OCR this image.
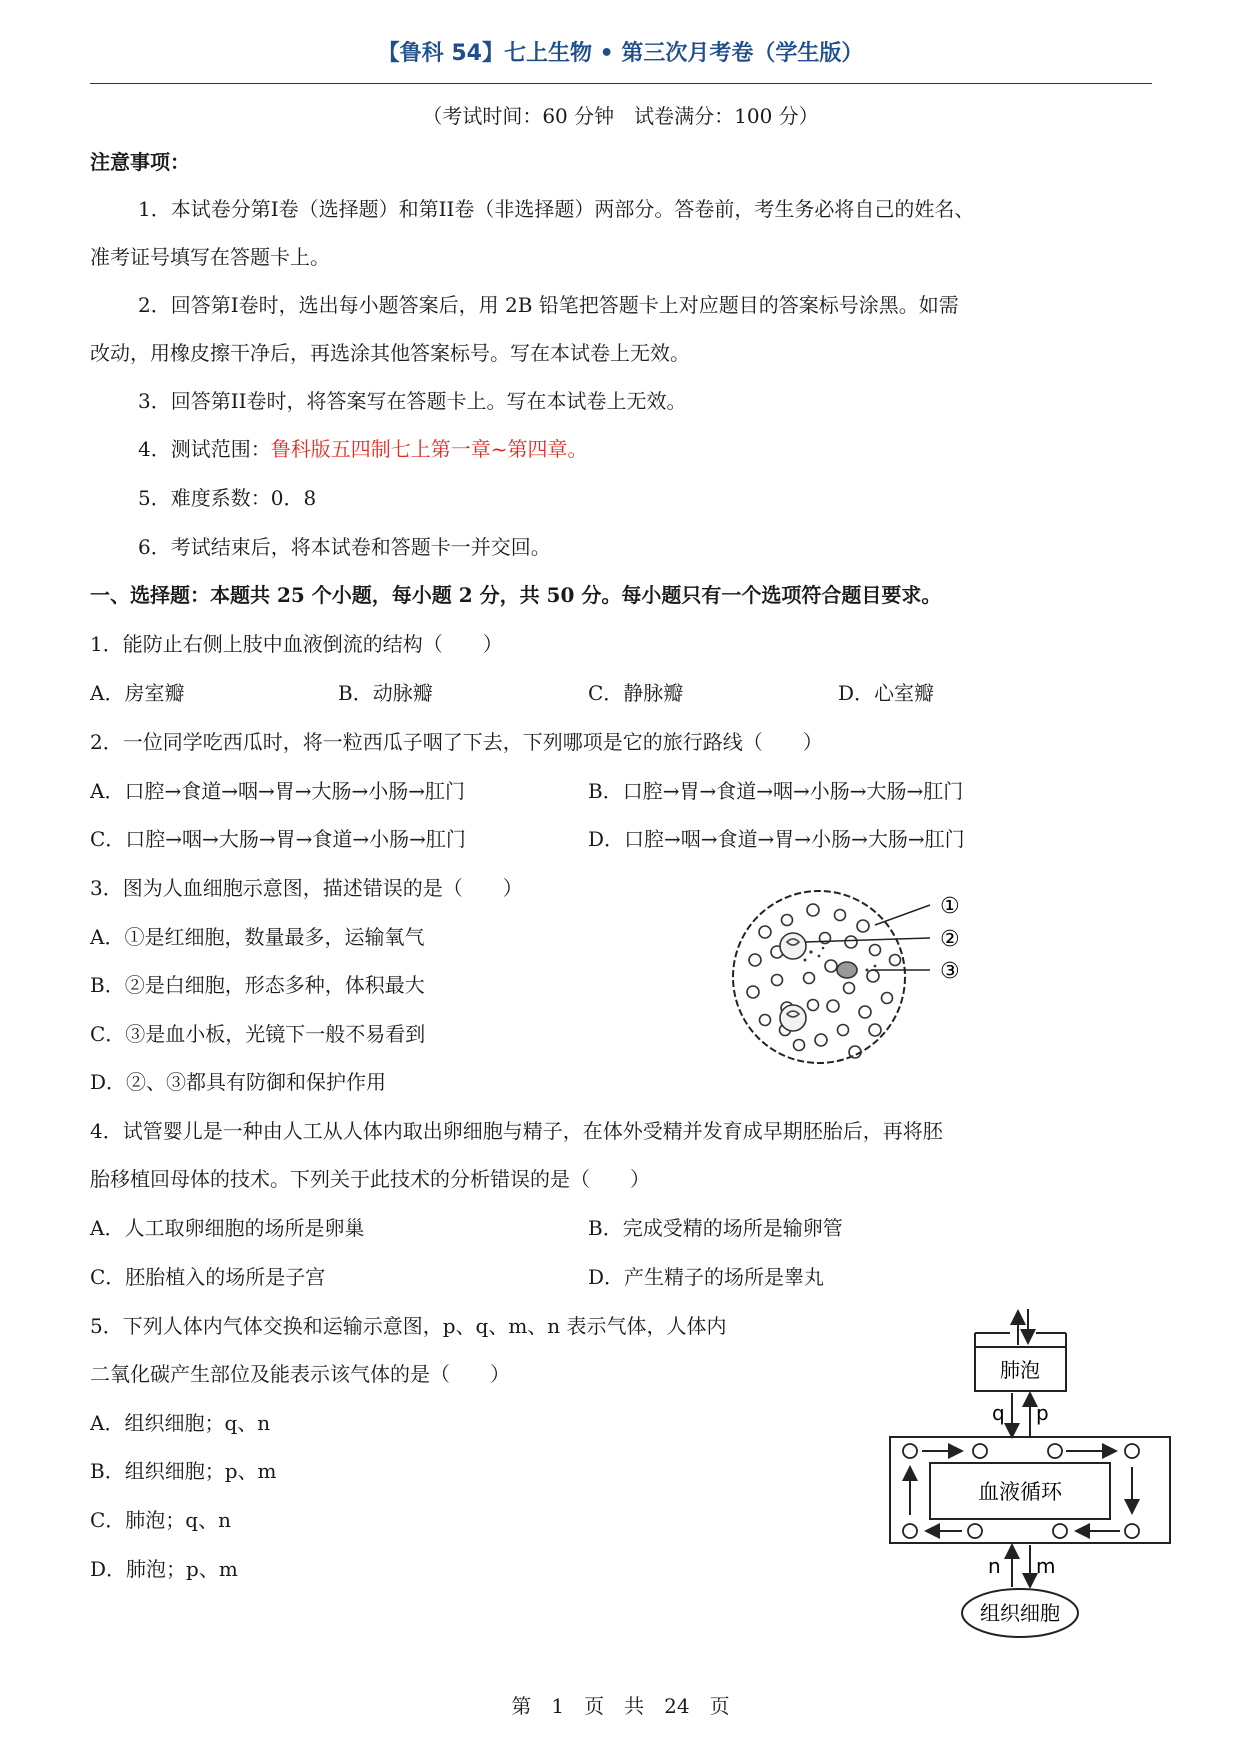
【鲁科 54】七上生物 • 第三次月考卷（学生版）
（考试时间：60 分钟　试卷满分：100 分）
注意事项：
1．本试卷分第I卷（选择题）和第II卷（非选择题）两部分。答卷前，考生务必将自己的姓名、
准考证号填写在答题卡上。
2．回答第I卷时，选出每小题答案后，用 2B 铅笔把答题卡上对应题目的答案标号涂黑。如需
改动，用橡皮擦干净后，再选涂其他答案标号。写在本试卷上无效。
3．回答第II卷时，将答案写在答题卡上。写在本试卷上无效。
4．测试范围：鲁科版五四制七上第一章~第四章。
5．难度系数：0．8
6．考试结束后，将本试卷和答题卡一并交回。
一、选择题：本题共 25 个小题，每小题 2 分，共 50 分。每小题只有一个选项符合题目要求。
1．能防止右侧上肢中血液倒流的结构（　　）
A．房室瓣	B．动脉瓣	C．静脉瓣	D．心室瓣
2．一位同学吃西瓜时，将一粒西瓜子咽了下去，下列哪项是它的旅行路线（　　）
A．口腔→食道→咽→胃→大肠→小肠→肛门	B．口腔→胃→食道→咽→小肠→大肠→肛门
C．口腔→咽→大肠→胃→食道→小肠→肛门	D．口腔→咽→食道→胃→小肠→大肠→肛门
3．图为人血细胞示意图，描述错误的是（　　）
A．①是红细胞，数量最多，运输氧气
B．②是白细胞，形态多种，体积最大
C．③是血小板，光镜下一般不易看到
D．②、③都具有防御和保护作用
①
②
③
4．试管婴儿是一种由人工从人体内取出卵细胞与精子，在体外受精并发育成早期胚胎后，再将胚
胎移植回母体的技术。下列关于此技术的分析错误的是（　　）
A．人工取卵细胞的场所是卵巢	B．完成受精的场所是输卵管
C．胚胎植入的场所是子宫	D．产生精子的场所是睾丸
5．下列人体内气体交换和运输示意图，p、q、m、n 表示气体，人体内
二氧化碳产生部位及能表示该气体的是（　　）
A．组织细胞；q、n
B．组织细胞；p、m
C．肺泡；q、n
D．肺泡；p、m
肺泡
q p
血液循环
n m
组织细胞
第　1　页　共　24　页
